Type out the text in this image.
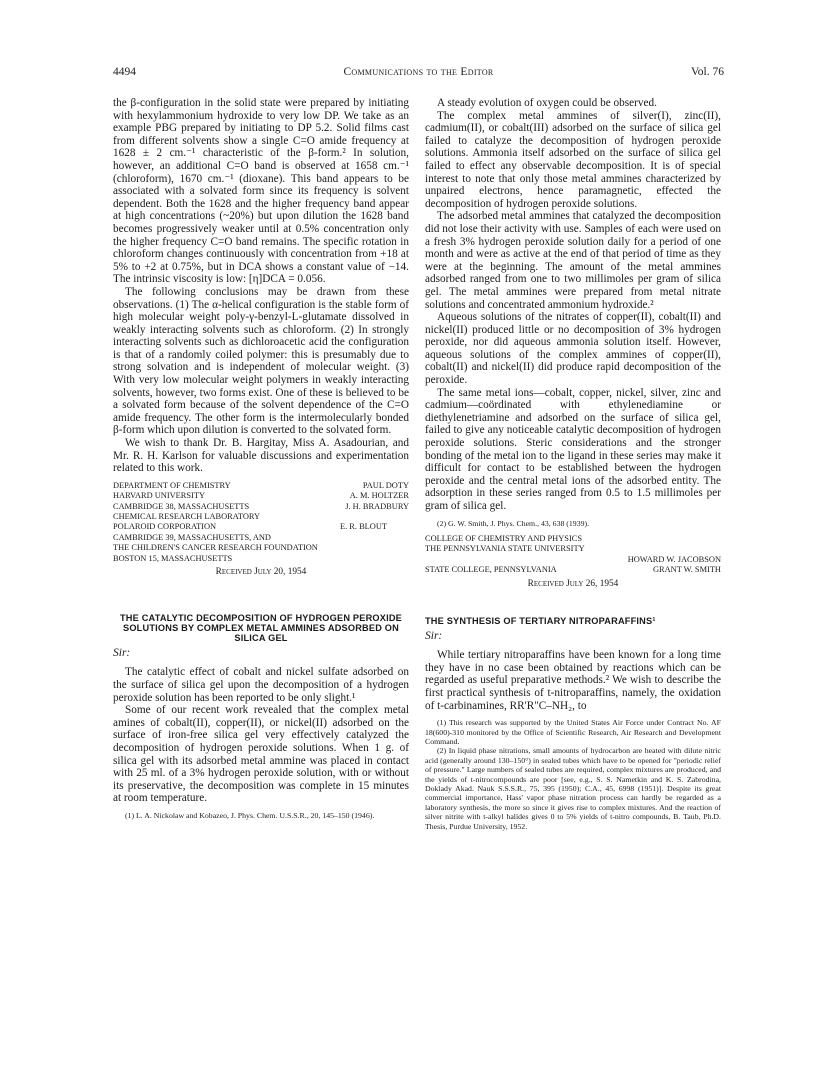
4494	Communications to the Editor	Vol. 76

the β-configuration in the solid state were prepared by initiating with hexylammonium hydroxide to very low DP. We take as an example PBG prepared by initiating to DP 5.2. Solid films cast from different solvents show a single C=O amide frequency at 1628 ± 2 cm.⁻¹ characteristic of the β-form.² In solution, however, an additional C=O band is observed at 1658 cm.⁻¹ (chloroform), 1670 cm.⁻¹ (dioxane). This band appears to be associated with a solvated form since its frequency is solvent dependent. Both the 1628 and the higher frequency band appear at high concentrations (~20%) but upon dilution the 1628 band becomes progressively weaker until at 0.5% concentration only the higher frequency C=O band remains. The specific rotation in chloroform changes continuously with concentration from +18 at 5% to +2 at 0.75%, but in DCA shows a constant value of −14. The intrinsic viscosity is low: [η]DCA = 0.056.

The following conclusions may be drawn from these observations. (1) The α-helical configuration is the stable form of high molecular weight poly-γ-benzyl-L-glutamate dissolved in weakly interacting solvents such as chloroform. (2) In strongly interacting solvents such as dichloroacetic acid the configuration is that of a randomly coiled polymer: this is presumably due to strong solvation and is independent of molecular weight. (3) With very low molecular weight polymers in weakly interacting solvents, however, two forms exist. One of these is believed to be a solvated form because of the solvent dependence of the C=O amide frequency. The other form is the intermolecularly bonded β-form which upon dilution is converted to the solvated form.

We wish to thank Dr. B. Hargitay, Miss A. Asadourian, and Mr. R. H. Karlson for valuable discussions and experimentation related to this work.

DEPARTMENT OF CHEMISTRY	PAUL DOTY
HARVARD UNIVERSITY	A. M. HOLTZER
CAMBRIDGE 38, MASSACHUSETTS	J. H. BRADBURY
CHEMICAL RESEARCH LABORATORY
POLAROID CORPORATION	E. R. BLOUT
CAMBRIDGE 39, MASSACHUSETTS, AND
THE CHILDREN'S CANCER RESEARCH FOUNDATION
BOSTON 15, MASSACHUSETTS
Received July 20, 1954
THE CATALYTIC DECOMPOSITION OF HYDROGEN PEROXIDE SOLUTIONS BY COMPLEX METAL AMMINES ADSORBED ON SILICA GEL
Sir:

The catalytic effect of cobalt and nickel sulfate adsorbed on the surface of silica gel upon the decomposition of a hydrogen peroxide solution has been reported to be only slight.¹

Some of our recent work revealed that the complex metal amines of cobalt(II), copper(II), or nickel(II) adsorbed on the surface of iron-free silica gel very effectively catalyzed the decomposition of hydrogen peroxide solutions. When 1 g. of silica gel with its adsorbed metal ammine was placed in contact with 25 ml. of a 3% hydrogen peroxide solution, with or without its preservative, the decomposition was complete in 15 minutes at room temperature.

(1) L. A. Nickolaw and Kobazeo, J. Phys. Chem. U.S.S.R., 20, 145–150 (1946).

A steady evolution of oxygen could be observed.

The complex metal ammines of silver(I), zinc(II), cadmium(II), or cobalt(III) adsorbed on the surface of silica gel failed to catalyze the decomposition of hydrogen peroxide solutions. Ammonia itself adsorbed on the surface of silica gel failed to effect any observable decomposition. It is of special interest to note that only those metal ammines characterized by unpaired electrons, hence paramagnetic, effected the decomposition of hydrogen peroxide solutions.

The adsorbed metal ammines that catalyzed the decomposition did not lose their activity with use. Samples of each were used on a fresh 3% hydrogen peroxide solution daily for a period of one month and were as active at the end of that period of time as they were at the beginning. The amount of the metal ammines adsorbed ranged from one to two millimoles per gram of silica gel. The metal ammines were prepared from metal nitrate solutions and concentrated ammonium hydroxide.²

Aqueous solutions of the nitrates of copper(II), cobalt(II) and nickel(II) produced little or no decomposition of 3% hydrogen peroxide, nor did aqueous ammonia solution itself. However, aqueous solutions of the complex ammines of copper(II), cobalt(II) and nickel(II) did produce rapid decomposition of the peroxide.

The same metal ions—cobalt, copper, nickel, silver, zinc and cadmium—coördinated with ethylenediamine or diethylenetriamine and adsorbed on the surface of silica gel, failed to give any noticeable catalytic decomposition of hydrogen peroxide solutions. Steric considerations and the stronger bonding of the metal ion to the ligand in these series may make it difficult for contact to be established between the hydrogen peroxide and the central metal ions of the adsorbed entity. The adsorption in these series ranged from 0.5 to 1.5 millimoles per gram of silica gel.

(2) G. W. Smith, J. Phys. Chem., 43, 638 (1939).

COLLEGE OF CHEMISTRY AND PHYSICS
THE PENNSYLVANIA STATE UNIVERSITY
HOWARD W. JACOBSON
STATE COLLEGE, PENNSYLVANIA	GRANT W. SMITH
Received July 26, 1954
THE SYNTHESIS OF TERTIARY NITROPARAFFINS¹
Sir:

While tertiary nitroparaffins have been known for a long time they have in no case been obtained by reactions which can be regarded as useful preparative methods.² We wish to describe the first practical synthesis of t-nitroparaffins, namely, the oxidation of t-carbinamines, RR'R"C–NH₂, to

(1) This research was supported by the United States Air Force under Contract No. AF 18(600)-310 monitored by the Office of Scientific Research, Air Research and Development Command.

(2) In liquid phase nitrations, small amounts of hydrocarbon are heated with dilute nitric acid (generally around 130–150°) in sealed tubes which have to be opened for "periodic relief of pressure." Large numbers of sealed tubes are required, complex mixtures are produced, and the yields of t-nitrocompounds are poor [see, e.g., S. S. Nametkin and K. S. Zabrodina, Doklady Akad. Nauk S.S.S.R., 75, 395 (1950); C.A., 45, 6998 (1951)]. Despite its great commercial importance, Hass' vapor phase nitration process can hardly be regarded as a laboratory synthesis, the more so since it gives rise to complex mixtures. And the reaction of silver nitrite with t-alkyl halides gives 0 to 5% yields of t-nitro compounds, B. Taub, Ph.D. Thesis, Purdue University, 1952.
